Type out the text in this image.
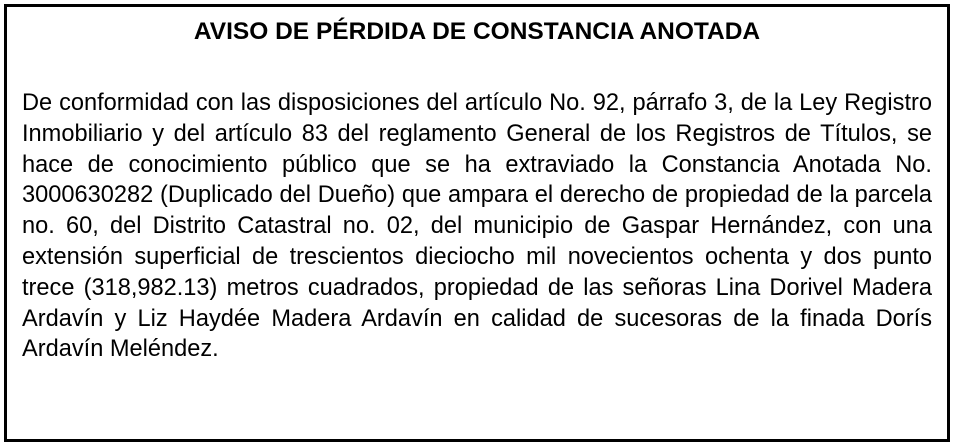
AVISO DE PÉRDIDA DE CONSTANCIA ANOTADA

De conformidad con las disposiciones del artículo No. 92, párrafo 3, de la Ley Registro Inmobiliario y del artículo 83 del reglamento General de los Registros de Títulos, se hace de conocimiento público que se ha extraviado la Constancia Anotada No. 3000630282 (Duplicado del Dueño) que ampara el derecho de propiedad de la parcela no. 60, del Distrito Catastral no. 02, del municipio de Gaspar Hernández, con una extensión superficial de trescientos dieciocho mil novecientos ochenta y dos punto trece (318,982.13) metros cuadrados, propiedad de las señoras Lina Dorivel Madera Ardavín y Liz Haydée Madera Ardavín en calidad de sucesoras de la finada Dorís Ardavín Meléndez.
